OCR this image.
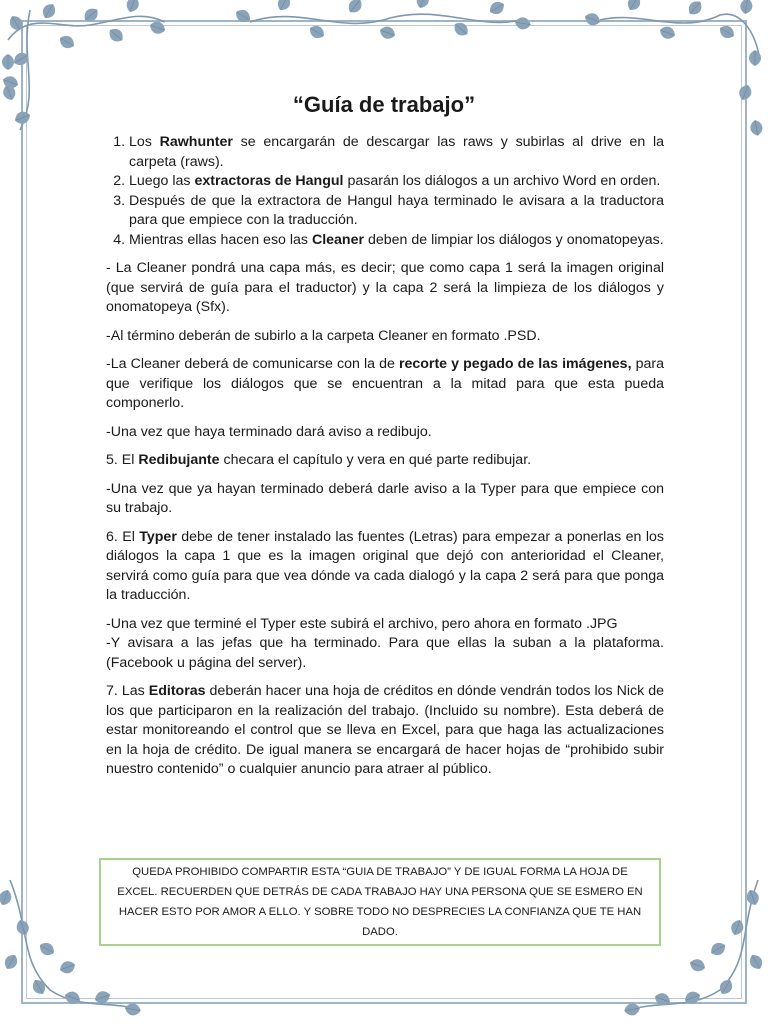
“Guía de trabajo”
1. Los Rawhunter se encargarán de descargar las raws y subirlas al drive en la carpeta (raws).
2. Luego las extractoras de Hangul pasarán los diálogos a un archivo Word en orden.
3. Después de que la extractora de Hangul haya terminado le avisara a la traductora para que empiece con la traducción.
4. Mientras ellas hacen eso las Cleaner deben de limpiar los diálogos y onomatopeyas.

- La Cleaner pondrá una capa más, es decir; que como capa 1 será la imagen original (que servirá de guía para el traductor) y la capa 2 será la limpieza de los diálogos y onomatopeya (Sfx).

-Al término deberán de subirlo a la carpeta Cleaner en formato .PSD.

-La Cleaner deberá de comunicarse con la de recorte y pegado de las imágenes, para que verifique los diálogos que se encuentran a la mitad para que esta pueda componerlo.

-Una vez que haya terminado dará aviso a redibujo.

5. El Redibujante checara el capítulo y vera en qué parte redibujar.

-Una vez que ya hayan terminado deberá darle aviso a la Typer para que empiece con su trabajo.

6. El Typer debe de tener instalado las fuentes (Letras) para empezar a ponerlas en los diálogos la capa 1 que es la imagen original que dejó con anterioridad el Cleaner, servirá como guía para que vea dónde va cada dialogó y la capa 2 será para que ponga la traducción.

-Una vez que terminé el Typer este subirá el archivo, pero ahora en formato .JPG

-Y avisara a las jefas que ha terminado. Para que ellas la suban a la plataforma. (Facebook u página del server).

7. Las Editoras deberán hacer una hoja de créditos en dónde vendrán todos los Nick de los que participaron en la realización del trabajo. (Incluido su nombre). Esta deberá de estar monitoreando el control que se lleva en Excel, para que haga las actualizaciones en la hoja de crédito. De igual manera se encargará de hacer hojas de “prohibido subir nuestro contenido” o cualquier anuncio para atraer al público.

QUEDA PROHIBIDO COMPARTIR ESTA “GUIA DE TRABAJO” Y DE IGUAL FORMA LA HOJA DE EXCEL. RECUERDEN QUE DETRÁS DE CADA TRABAJO HAY UNA PERSONA QUE SE ESMERO EN HACER ESTO POR AMOR A ELLO. Y SOBRE TODO NO DESPRECIES LA CONFIANZA QUE TE HAN DADO.
